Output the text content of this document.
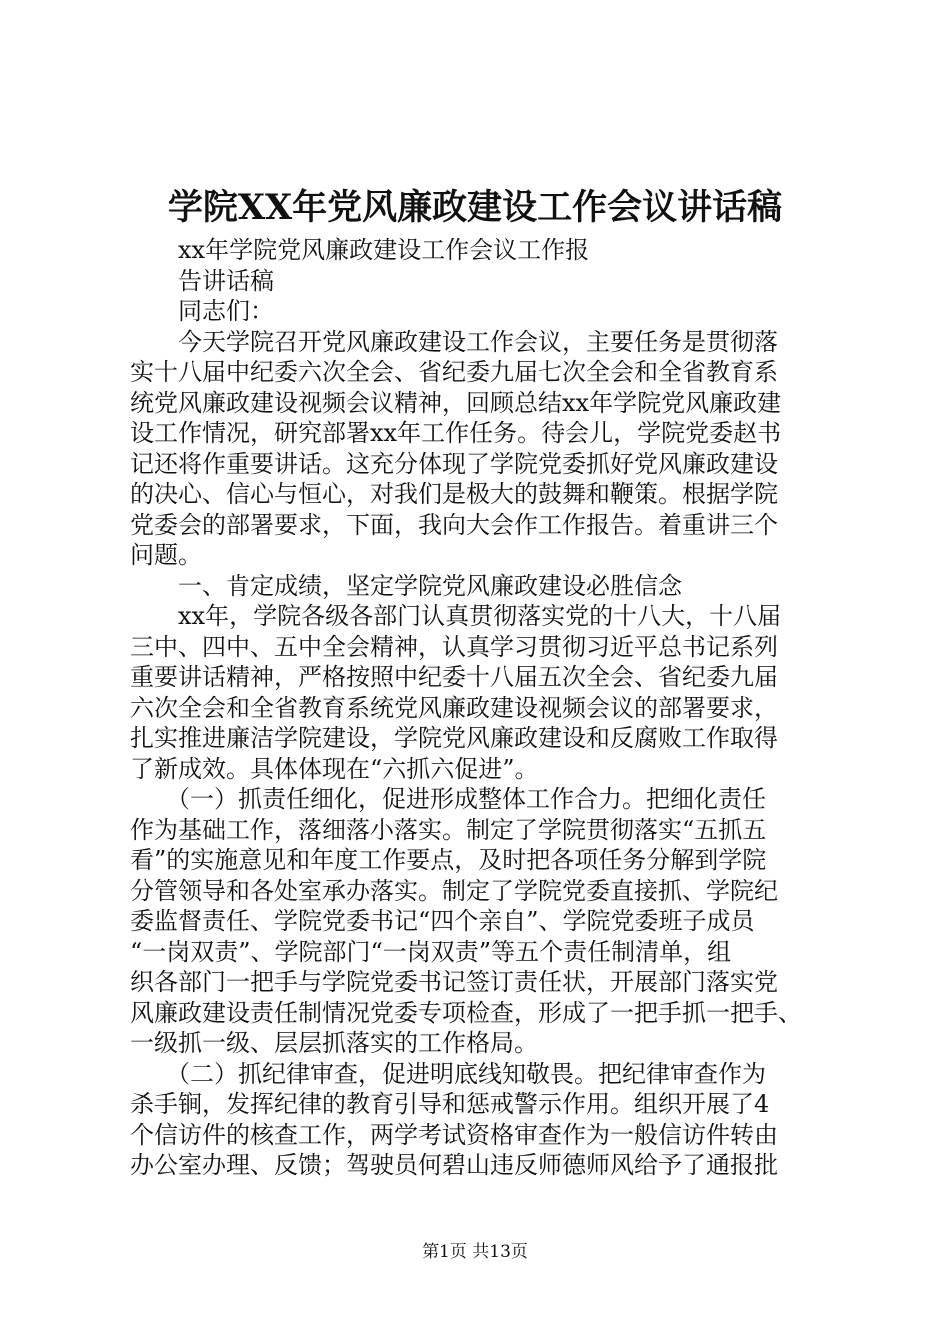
学院XX年党风廉政建设工作会议讲话稿
　　xx年学院党风廉政建设工作会议工作报
　　告讲话稿
　　同志们：
　　今天学院召开党风廉政建设工作会议，主要任务是贯彻落
实十八届中纪委六次全会、省纪委九届七次全会和全省教育系
统党风廉政建设视频会议精神，回顾总结xx年学院党风廉政建
设工作情况，研究部署xx年工作任务。待会儿，学院党委赵书
记还将作重要讲话。这充分体现了学院党委抓好党风廉政建设
的决心、信心与恒心，对我们是极大的鼓舞和鞭策。根据学院
党委会的部署要求，下面，我向大会作工作报告。着重讲三个
问题。
　　一、肯定成绩，坚定学院党风廉政建设必胜信念
　　xx年，学院各级各部门认真贯彻落实党的十八大，十八届
三中、四中、五中全会精神，认真学习贯彻习近平总书记系列
重要讲话精神，严格按照中纪委十八届五次全会、省纪委九届
六次全会和全省教育系统党风廉政建设视频会议的部署要求，
扎实推进廉洁学院建设，学院党风廉政建设和反腐败工作取得
了新成效。具体体现在“六抓六促进”。
　　（一）抓责任细化，促进形成整体工作合力。把细化责任
作为基础工作，落细落小落实。制定了学院贯彻落实“五抓五
看”的实施意见和年度工作要点，及时把各项任务分解到学院
分管领导和各处室承办落实。制定了学院党委直接抓、学院纪
委监督责任、学院党委书记“四个亲自”、学院党委班子成员
“一岗双责”、学院部门“一岗双责”等五个责任制清单，组
织各部门一把手与学院党委书记签订责任状，开展部门落实党
风廉政建设责任制情况党委专项检查，形成了一把手抓一把手、
一级抓一级、层层抓落实的工作格局。
　　（二）抓纪律审查，促进明底线知敬畏。把纪律审查作为
杀手锏，发挥纪律的教育引导和惩戒警示作用。组织开展了4
个信访件的核查工作，两学考试资格审查作为一般信访件转由
办公室办理、反馈；驾驶员何碧山违反师德师风给予了通报批
第1页 共13页
